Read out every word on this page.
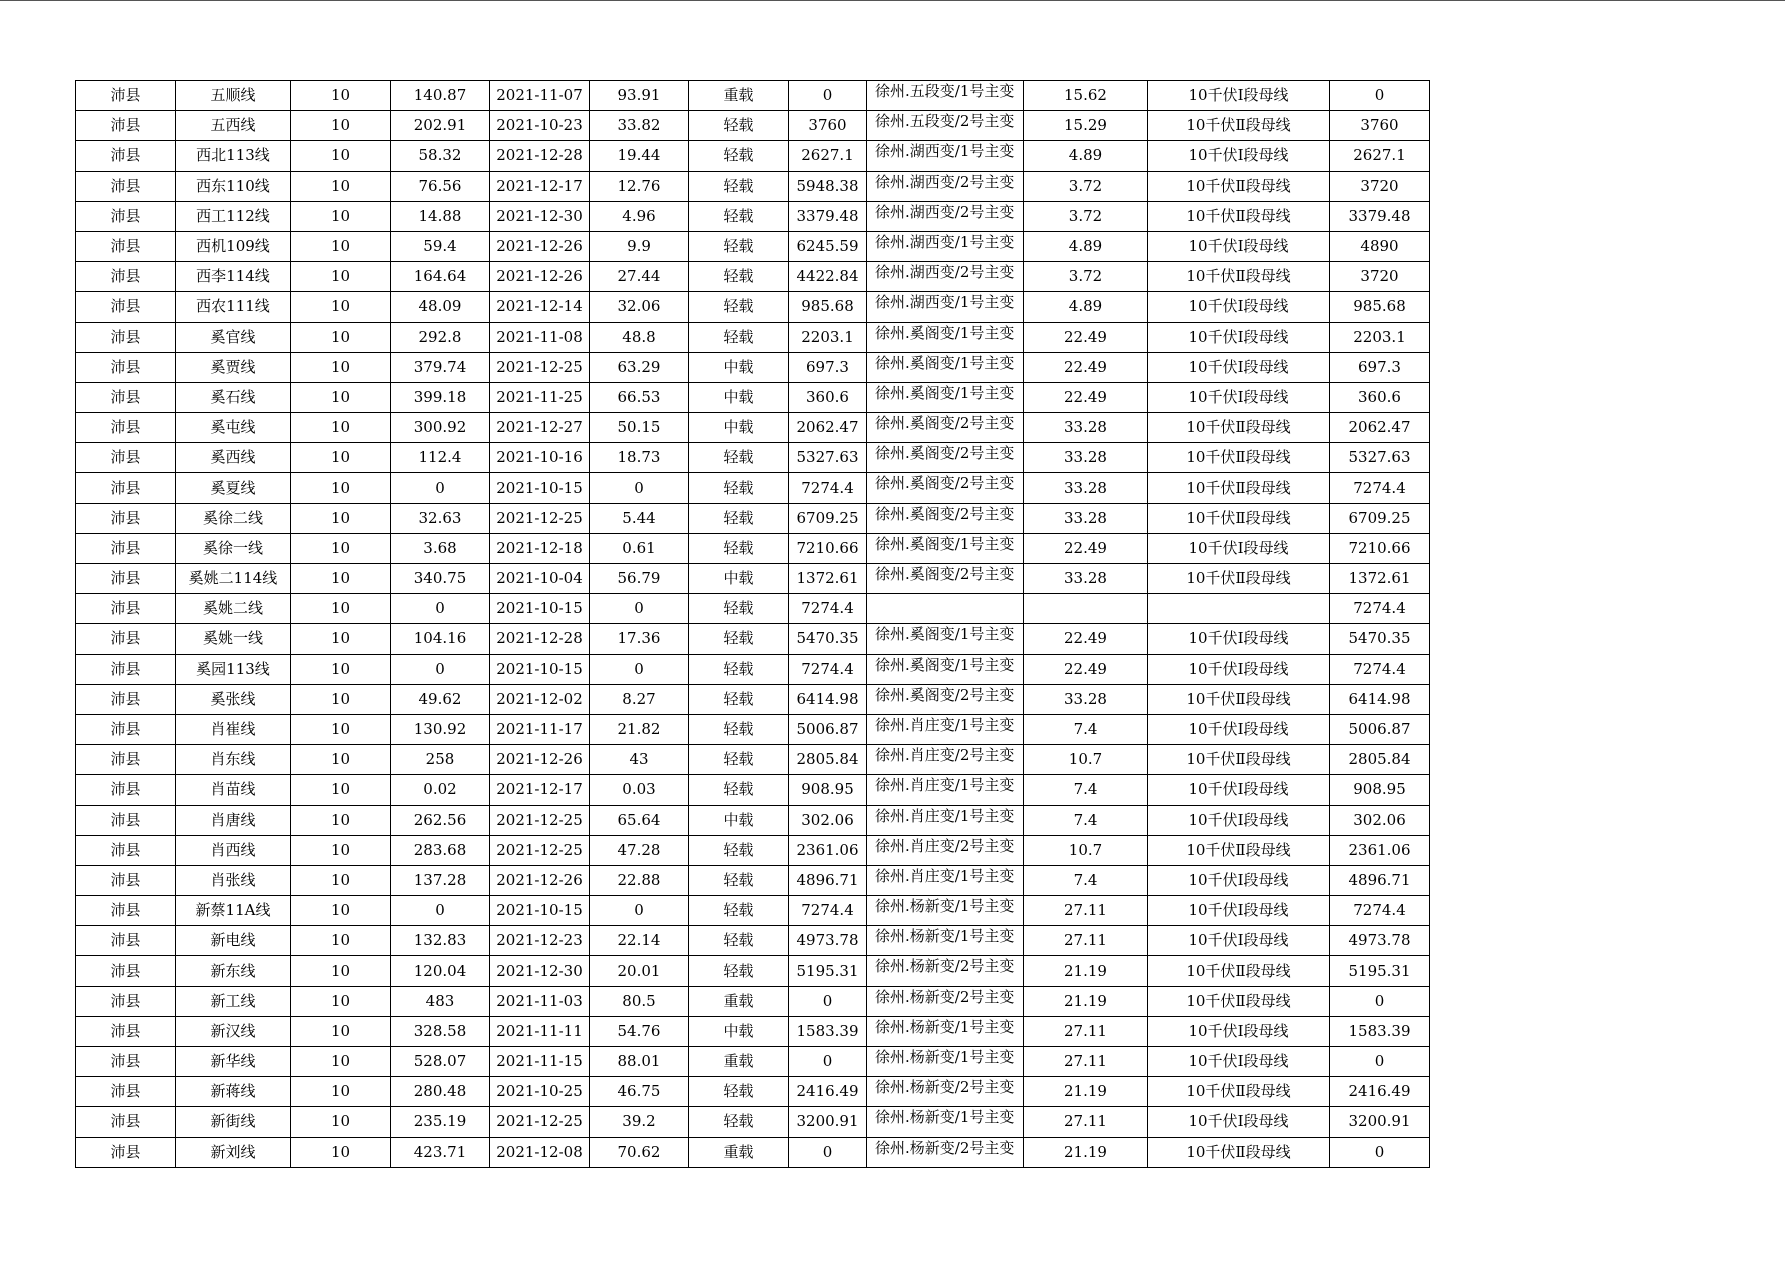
沛县	五顺线	10	140.87	2021-11-07	93.91	重载	0	徐州.五段变/1号主变	15.62	10千伏Ⅰ段母线	0
沛县	五西线	10	202.91	2021-10-23	33.82	轻载	3760	徐州.五段变/2号主变	15.29	10千伏Ⅱ段母线	3760
沛县	西北113线	10	58.32	2021-12-28	19.44	轻载	2627.1	徐州.湖西变/1号主变	4.89	10千伏Ⅰ段母线	2627.1
沛县	西东110线	10	76.56	2021-12-17	12.76	轻载	5948.38	徐州.湖西变/2号主变	3.72	10千伏Ⅱ段母线	3720
沛县	西工112线	10	14.88	2021-12-30	4.96	轻载	3379.48	徐州.湖西变/2号主变	3.72	10千伏Ⅱ段母线	3379.48
沛县	西机109线	10	59.4	2021-12-26	9.9	轻载	6245.59	徐州.湖西变/1号主变	4.89	10千伏Ⅰ段母线	4890
沛县	西李114线	10	164.64	2021-12-26	27.44	轻载	4422.84	徐州.湖西变/2号主变	3.72	10千伏Ⅱ段母线	3720
沛县	西农111线	10	48.09	2021-12-14	32.06	轻载	985.68	徐州.湖西变/1号主变	4.89	10千伏Ⅰ段母线	985.68
沛县	奚官线	10	292.8	2021-11-08	48.8	轻载	2203.1	徐州.奚阁变/1号主变	22.49	10千伏Ⅰ段母线	2203.1
沛县	奚贾线	10	379.74	2021-12-25	63.29	中载	697.3	徐州.奚阁变/1号主变	22.49	10千伏Ⅰ段母线	697.3
沛县	奚石线	10	399.18	2021-11-25	66.53	中载	360.6	徐州.奚阁变/1号主变	22.49	10千伏Ⅰ段母线	360.6
沛县	奚屯线	10	300.92	2021-12-27	50.15	中载	2062.47	徐州.奚阁变/2号主变	33.28	10千伏Ⅱ段母线	2062.47
沛县	奚西线	10	112.4	2021-10-16	18.73	轻载	5327.63	徐州.奚阁变/2号主变	33.28	10千伏Ⅱ段母线	5327.63
沛县	奚夏线	10	0	2021-10-15	0	轻载	7274.4	徐州.奚阁变/2号主变	33.28	10千伏Ⅱ段母线	7274.4
沛县	奚徐二线	10	32.63	2021-12-25	5.44	轻载	6709.25	徐州.奚阁变/2号主变	33.28	10千伏Ⅱ段母线	6709.25
沛县	奚徐一线	10	3.68	2021-12-18	0.61	轻载	7210.66	徐州.奚阁变/1号主变	22.49	10千伏Ⅰ段母线	7210.66
沛县	奚姚二114线	10	340.75	2021-10-04	56.79	中载	1372.61	徐州.奚阁变/2号主变	33.28	10千伏Ⅱ段母线	1372.61
沛县	奚姚二线	10	0	2021-10-15	0	轻载	7274.4				7274.4
沛县	奚姚一线	10	104.16	2021-12-28	17.36	轻载	5470.35	徐州.奚阁变/1号主变	22.49	10千伏Ⅰ段母线	5470.35
沛县	奚园113线	10	0	2021-10-15	0	轻载	7274.4	徐州.奚阁变/1号主变	22.49	10千伏Ⅰ段母线	7274.4
沛县	奚张线	10	49.62	2021-12-02	8.27	轻载	6414.98	徐州.奚阁变/2号主变	33.28	10千伏Ⅱ段母线	6414.98
沛县	肖崔线	10	130.92	2021-11-17	21.82	轻载	5006.87	徐州.肖庄变/1号主变	7.4	10千伏Ⅰ段母线	5006.87
沛县	肖东线	10	258	2021-12-26	43	轻载	2805.84	徐州.肖庄变/2号主变	10.7	10千伏Ⅱ段母线	2805.84
沛县	肖苗线	10	0.02	2021-12-17	0.03	轻载	908.95	徐州.肖庄变/1号主变	7.4	10千伏Ⅰ段母线	908.95
沛县	肖唐线	10	262.56	2021-12-25	65.64	中载	302.06	徐州.肖庄变/1号主变	7.4	10千伏Ⅰ段母线	302.06
沛县	肖西线	10	283.68	2021-12-25	47.28	轻载	2361.06	徐州.肖庄变/2号主变	10.7	10千伏Ⅱ段母线	2361.06
沛县	肖张线	10	137.28	2021-12-26	22.88	轻载	4896.71	徐州.肖庄变/1号主变	7.4	10千伏Ⅰ段母线	4896.71
沛县	新蔡11A线	10	0	2021-10-15	0	轻载	7274.4	徐州.杨新变/1号主变	27.11	10千伏Ⅰ段母线	7274.4
沛县	新电线	10	132.83	2021-12-23	22.14	轻载	4973.78	徐州.杨新变/1号主变	27.11	10千伏Ⅰ段母线	4973.78
沛县	新东线	10	120.04	2021-12-30	20.01	轻载	5195.31	徐州.杨新变/2号主变	21.19	10千伏Ⅱ段母线	5195.31
沛县	新工线	10	483	2021-11-03	80.5	重载	0	徐州.杨新变/2号主变	21.19	10千伏Ⅱ段母线	0
沛县	新汉线	10	328.58	2021-11-11	54.76	中载	1583.39	徐州.杨新变/1号主变	27.11	10千伏Ⅰ段母线	1583.39
沛县	新华线	10	528.07	2021-11-15	88.01	重载	0	徐州.杨新变/1号主变	27.11	10千伏Ⅰ段母线	0
沛县	新蒋线	10	280.48	2021-10-25	46.75	轻载	2416.49	徐州.杨新变/2号主变	21.19	10千伏Ⅱ段母线	2416.49
沛县	新街线	10	235.19	2021-12-25	39.2	轻载	3200.91	徐州.杨新变/1号主变	27.11	10千伏Ⅰ段母线	3200.91
沛县	新刘线	10	423.71	2021-12-08	70.62	重载	0	徐州.杨新变/2号主变	21.19	10千伏Ⅱ段母线	0
